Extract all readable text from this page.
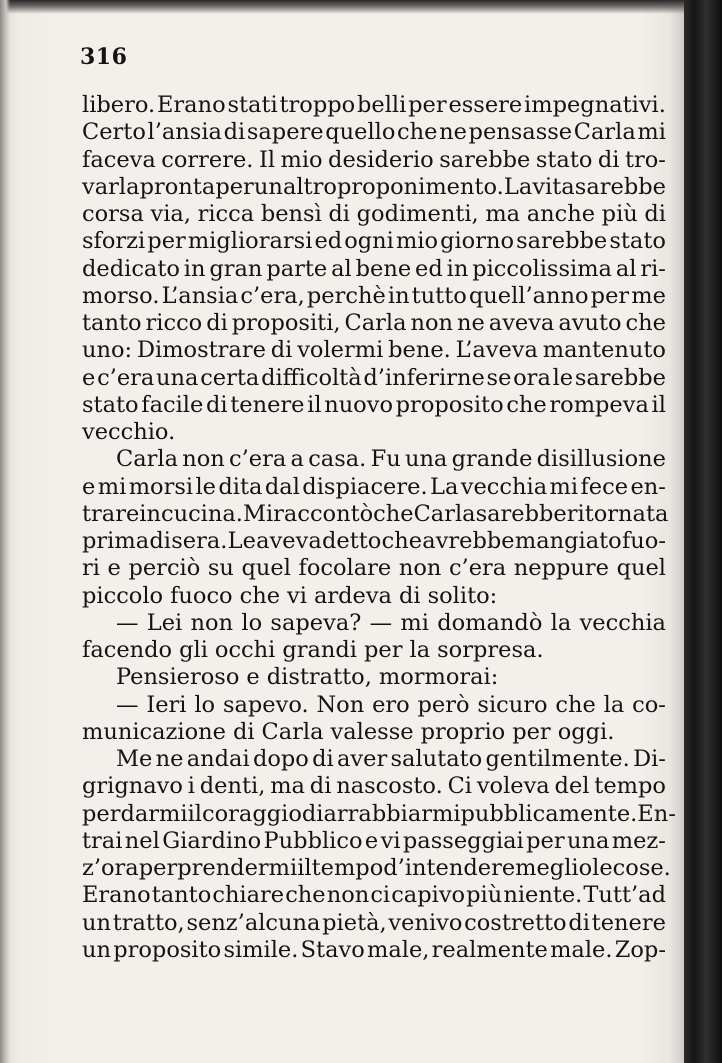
316
libero. Erano stati troppo belli per essere impegnativi.
Certo l’ansia di sapere quello che ne pensasse Carla mi
faceva correre. Il mio desiderio sarebbe stato di tro-
varla pronta per un altro proponimento. La vita sarebbe
corsa via, ricca bensì di godimenti, ma anche più di
sforzi per migliorarsi ed ogni mio giorno sarebbe stato
dedicato in gran parte al bene ed in piccolissima al ri-
morso. L’ansia c’era, perchè in tutto quell’anno per me
tanto ricco di propositi, Carla non ne aveva avuto che
uno: Dimostrare di volermi bene. L’aveva mantenuto
e c’era una certa difficoltà d’inferirne se ora le sarebbe
stato facile di tenere il nuovo proposito che rompeva il
vecchio.
Carla non c’era a casa. Fu una grande disillusione
e mi morsi le dita dal dispiacere. La vecchia mi fece en-
trare in cucina. Mi raccontò che Carla sarebbe ritornata
prima di sera. Le aveva detto che avrebbe mangiato fuo-
ri e perciò su quel focolare non c’era neppure quel
piccolo fuoco che vi ardeva di solito:
— Lei non lo sapeva? — mi domandò la vecchia
facendo gli occhi grandi per la sorpresa.
Pensieroso e distratto, mormorai:
— Ieri lo sapevo. Non ero però sicuro che la co-
municazione di Carla valesse proprio per oggi.
Me ne andai dopo di aver salutato gentilmente. Di-
grignavo i denti, ma di nascosto. Ci voleva del tempo
per darmi il coraggio di arrabbiarmi pubblicamente. En-
trai nel Giardino Pubblico e vi passeggiai per una mez-
z’ora per prendermi il tempo d’intendere meglio le cose.
Erano tanto chiare che non ci capivo più niente. Tutt’ad
un tratto, senz’alcuna pietà, venivo costretto di tenere
un proposito simile. Stavo male, realmente male. Zop-
